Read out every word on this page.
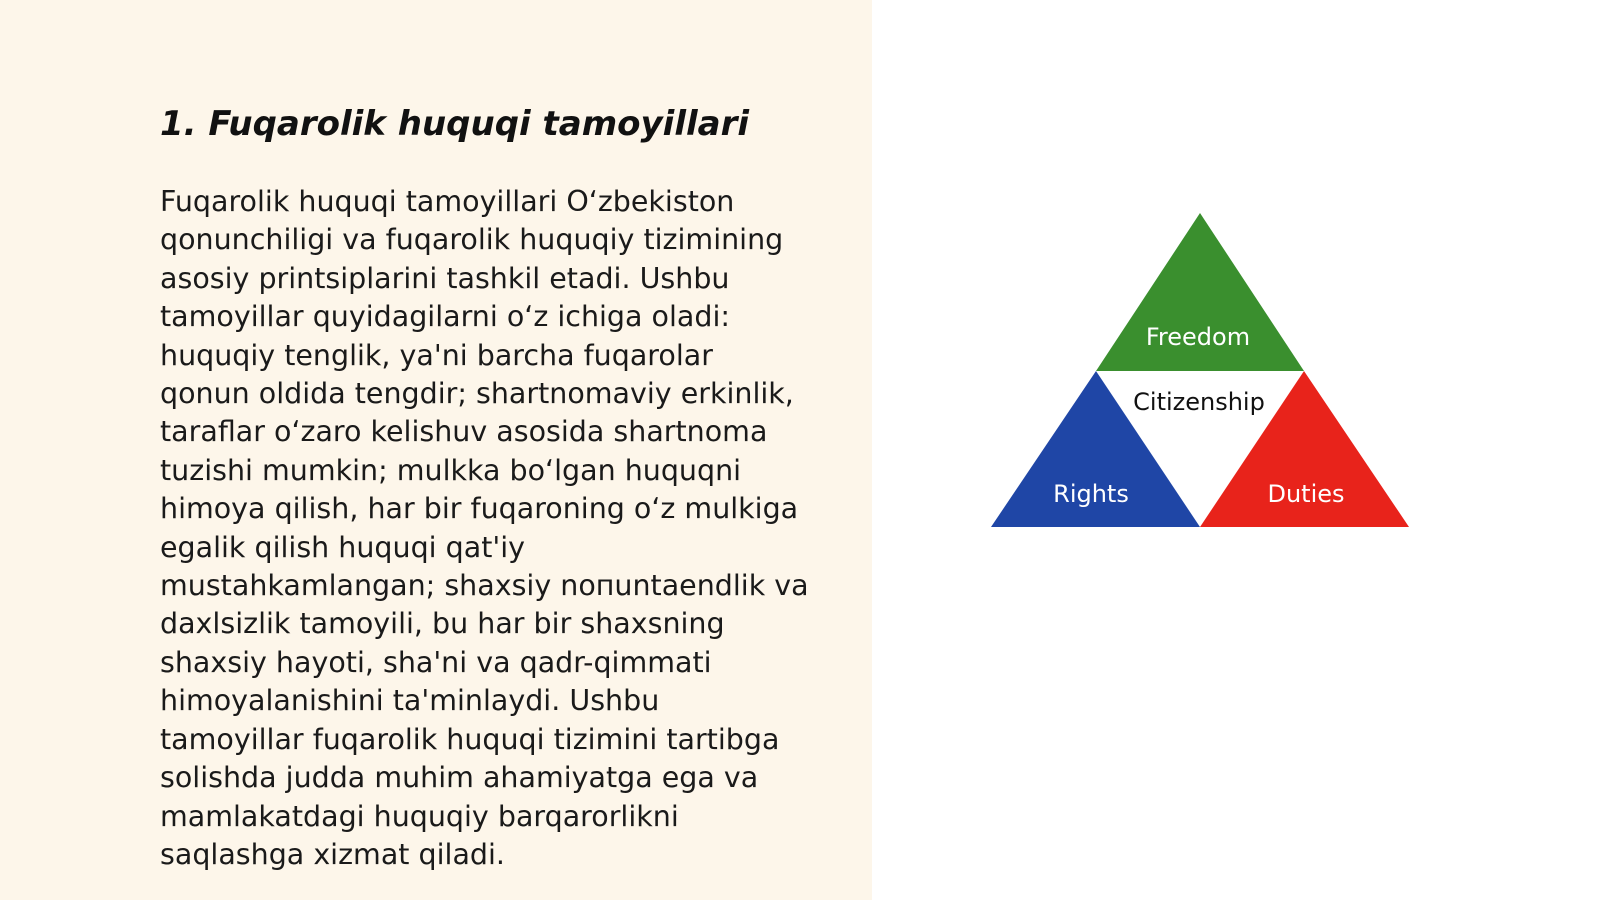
1. Fuqarolik huquqi tamoyillari
Fuqarolik huquqi tamoyillari Oʻzbekiston
qonunchiligi va fuqarolik huquqiy tizimining
asosiy printsiplarini tashkil etadi. Ushbu
tamoyillar quyidagilarni oʻz ichiga oladi:
huquqiy tenglik, ya'ni barcha fuqarolar
qonun oldida tengdir; shartnomaviy erkinlik,
taraflar oʻzaro kelishuv asosida shartnoma
tuzishi mumkin; mulkka boʻlgan huquqni
himoya qilish, har bir fuqaroning oʻz mulkiga
egalik qilish huquqi qat'iy
mustahkamlangan; shaxsiy noпuntaendlik va
daxlsizlik tamoyili, bu har bir shaxsning
shaxsiy hayoti, sha'ni va qadr-qimmati
himoyalanishini ta'minlaydi. Ushbu
tamoyillar fuqarolik huquqi tizimini tartibga
solishda judda muhim ahamiyatga ega va
mamlakatdagi huquqiy barqarorlikni
saqlashga xizmat qiladi.
Freedom
Citizenship
Rights	Duties
